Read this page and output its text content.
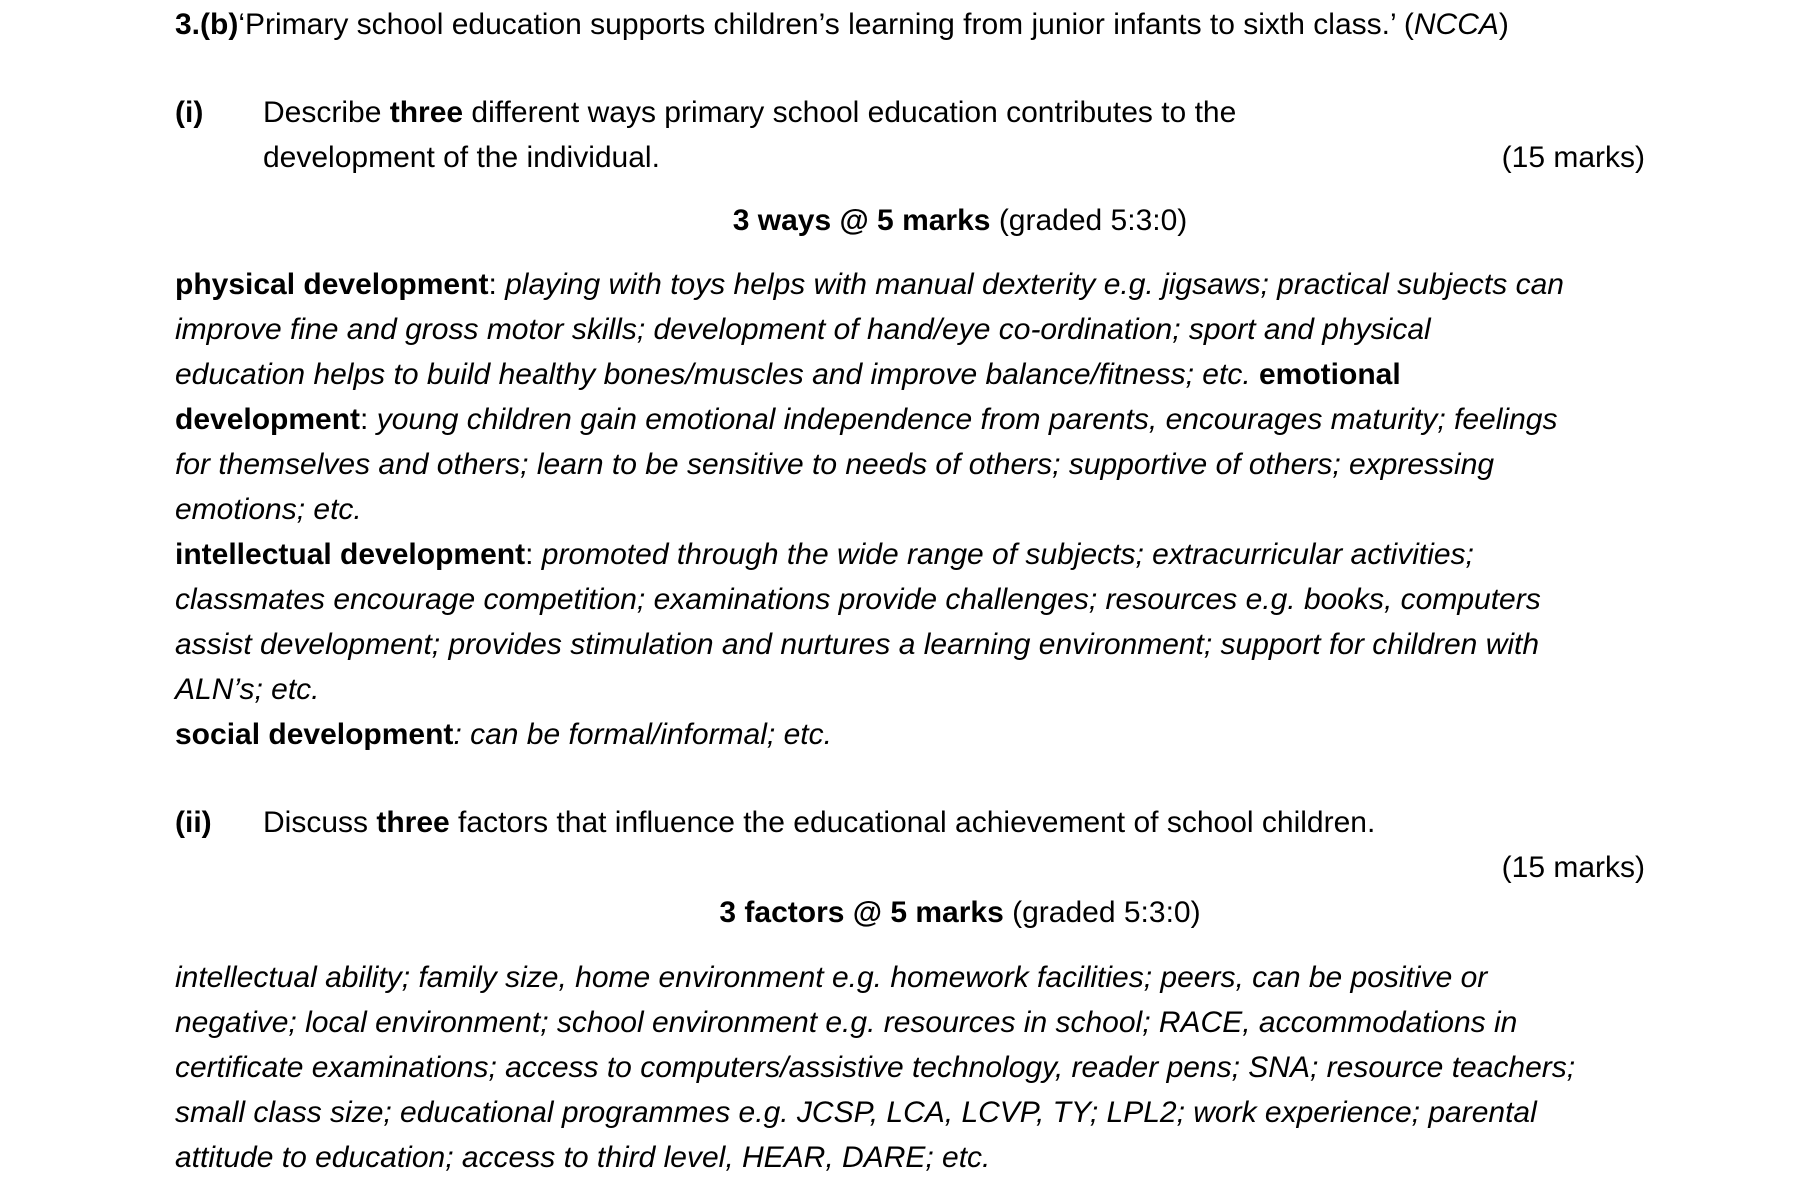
3.(b)‘Primary school education supports children’s learning from junior infants to sixth class.’ (NCCA)
(i) Describe three different ways primary school education contributes to the
development of the individual.	(15 marks)
3 ways @ 5 marks (graded 5:3:0)
physical development: playing with toys helps with manual dexterity e.g. jigsaws; practical subjects can
improve fine and gross motor skills; development of hand/eye co-ordination; sport and physical
education helps to build healthy bones/muscles and improve balance/fitness; etc. emotional
development: young children gain emotional independence from parents, encourages maturity; feelings
for themselves and others; learn to be sensitive to needs of others; supportive of others; expressing
emotions; etc.
intellectual development: promoted through the wide range of subjects; extracurricular activities;
classmates encourage competition; examinations provide challenges; resources e.g. books, computers
assist development; provides stimulation and nurtures a learning environment; support for children with
ALN’s; etc.
social development: can be formal/informal; etc.
(ii) Discuss three factors that influence the educational achievement of school children.
(15 marks)
3 factors @ 5 marks (graded 5:3:0)
intellectual ability; family size, home environment e.g. homework facilities; peers, can be positive or
negative; local environment; school environment e.g. resources in school; RACE, accommodations in
certificate examinations; access to computers/assistive technology, reader pens; SNA; resource teachers;
small class size; educational programmes e.g. JCSP, LCA, LCVP, TY; LPL2; work experience; parental
attitude to education; access to third level, HEAR, DARE; etc.
